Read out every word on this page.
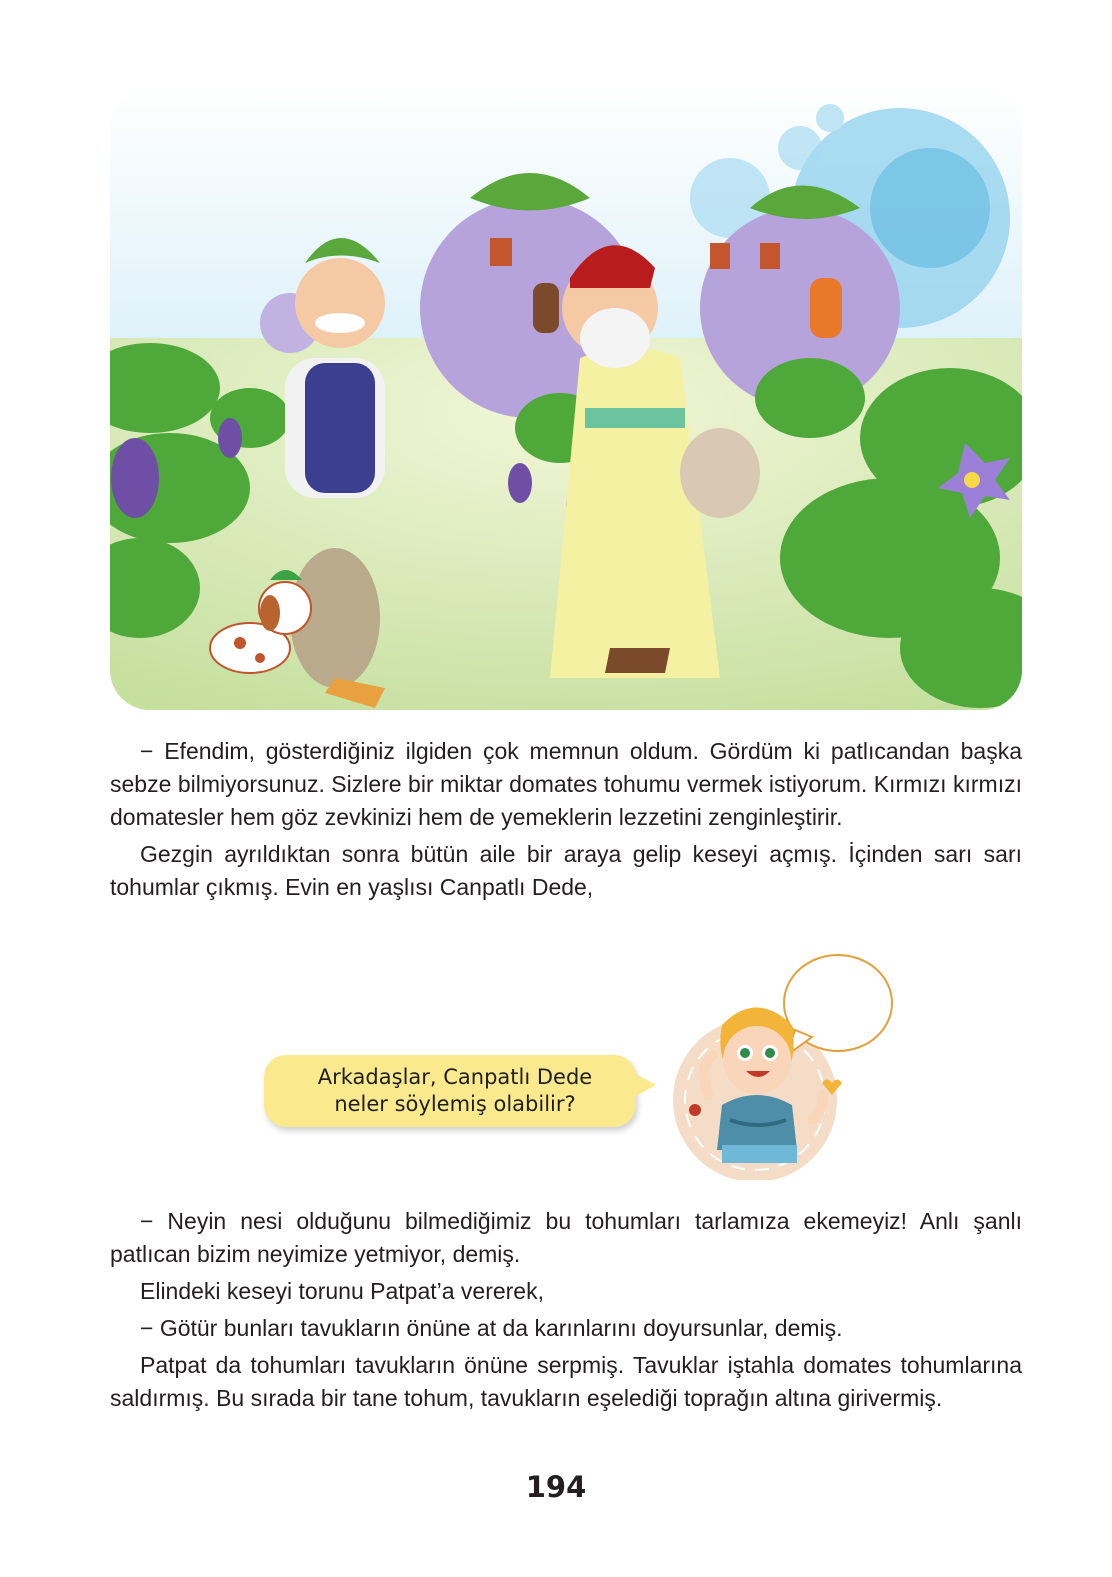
− Efendim, gösterdiğiniz ilgiden çok memnun oldum. Gördüm ki patlıcandan başka sebze bilmiyorsunuz. Sizlere bir miktar domates tohumu vermek istiyorum. Kırmızı kırmızı domatesler hem göz zevkinizi hem de yemeklerin lezzetini zenginleştirir.

Gezgin ayrıldıktan sonra bütün aile bir araya gelip keseyi açmış. İçinden sarı sarı tohumlar çıkmış. Evin en yaşlısı Canpatlı Dede,

Arkadaşlar, Canpatlı Dede
neler söylemiş olabilir?

− Neyin nesi olduğunu bilmediğimiz bu tohumları tarlamıza ekemeyiz! Anlı şanlı patlıcan bizim neyimize yetmiyor, demiş.

Elindeki keseyi torunu Patpat’a vererek,

− Götür bunları tavukların önüne at da karınlarını doyursunlar, demiş.

Patpat da tohumları tavukların önüne serpmiş. Tavuklar iştahla domates tohumlarına saldırmış. Bu sırada bir tane tohum, tavukların eşelediği toprağın altına girivermiş.

194
